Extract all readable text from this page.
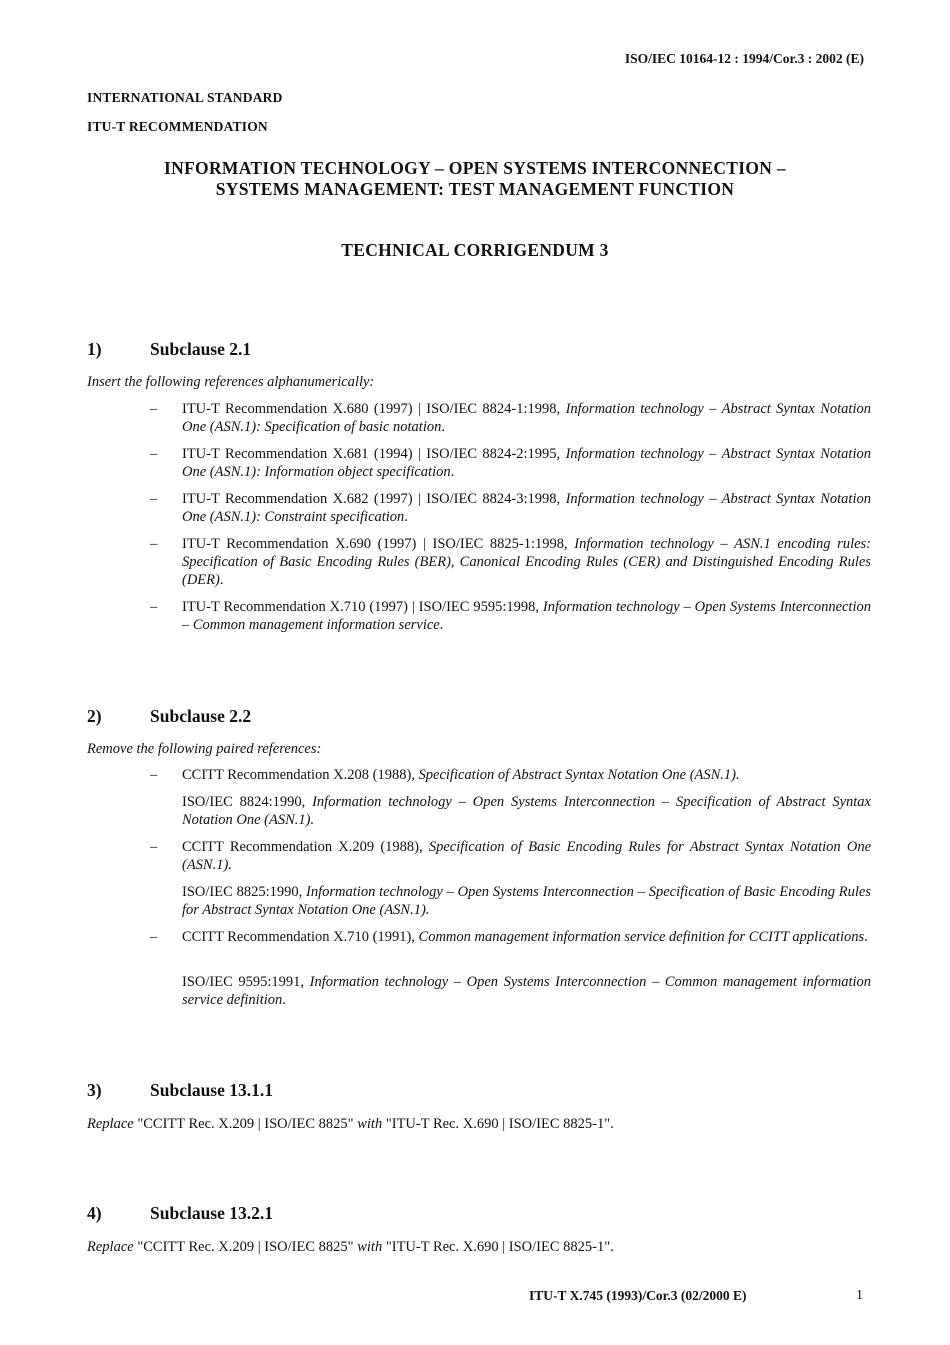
ISO/IEC 10164-12 : 1994/Cor.3 : 2002 (E)
INTERNATIONAL STANDARD
ITU-T RECOMMENDATION
INFORMATION TECHNOLOGY – OPEN SYSTEMS INTERCONNECTION –
SYSTEMS MANAGEMENT: TEST MANAGEMENT FUNCTION
TECHNICAL CORRIGENDUM 3
1)	Subclause 2.1
Insert the following references alphanumerically:
– ITU-T Recommendation X.680 (1997) | ISO/IEC 8824-1:1998, Information technology – Abstract Syntax Notation One (ASN.1): Specification of basic notation.
– ITU-T Recommendation X.681 (1994) | ISO/IEC 8824-2:1995, Information technology – Abstract Syntax Notation One (ASN.1): Information object specification.
– ITU-T Recommendation X.682 (1997) | ISO/IEC 8824-3:1998, Information technology – Abstract Syntax Notation One (ASN.1): Constraint specification.
– ITU-T Recommendation X.690 (1997) | ISO/IEC 8825-1:1998, Information technology – ASN.1 encoding rules: Specification of Basic Encoding Rules (BER), Canonical Encoding Rules (CER) and Distinguished Encoding Rules (DER).
– ITU-T Recommendation X.710 (1997) | ISO/IEC 9595:1998, Information technology – Open Systems Interconnection – Common management information service.
2)	Subclause 2.2
Remove the following paired references:
– CCITT Recommendation X.208 (1988), Specification of Abstract Syntax Notation One (ASN.1).
ISO/IEC 8824:1990, Information technology – Open Systems Interconnection – Specification of Abstract Syntax Notation One (ASN.1).
– CCITT Recommendation X.209 (1988), Specification of Basic Encoding Rules for Abstract Syntax Notation One (ASN.1).
ISO/IEC 8825:1990, Information technology – Open Systems Interconnection – Specification of Basic Encoding Rules for Abstract Syntax Notation One (ASN.1).
– CCITT Recommendation X.710 (1991), Common management information service definition for CCITT applications.
ISO/IEC 9595:1991, Information technology – Open Systems Interconnection – Common management information service definition.
3)	Subclause 13.1.1
Replace "CCITT Rec. X.209 | ISO/IEC 8825" with "ITU-T Rec. X.690 | ISO/IEC 8825-1".
4)	Subclause 13.2.1
Replace "CCITT Rec. X.209 | ISO/IEC 8825" with "ITU-T Rec. X.690 | ISO/IEC 8825-1".
ITU-T X.745 (1993)/Cor.3 (02/2000 E)	1
